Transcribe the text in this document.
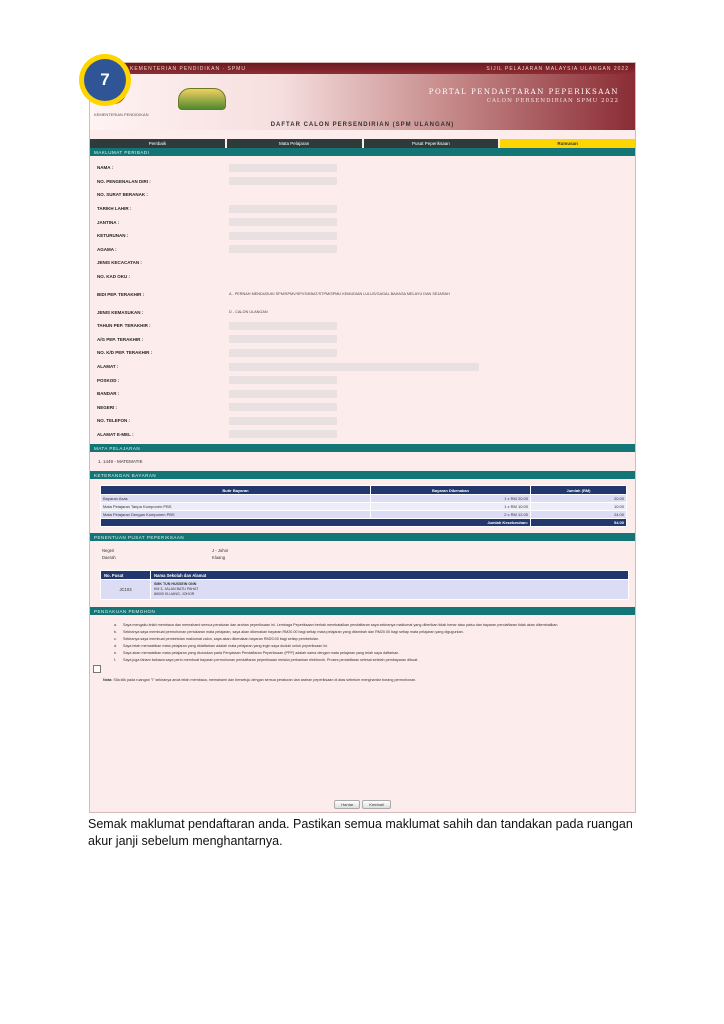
KEMENTERIAN PENDIDIKAN · SPMU	SIJIL PELAJARAN MALAYSIA ULANGAN 2022
KEMENTERIAN PENDIDIKAN
PORTAL PENDAFTARAN PEPERIKSAAN
CALON PERSENDIRIAN SPMU 2022
DAFTAR CALON PERSENDIRIAN (SPM ULANGAN)
Pembaik	Mata Pelajaran	Pusat Peperiksaan	Rumusan
MAKLUMAT PERIBADI
NAMA :
NO. PENGENALAN DIRI :
NO. SURAT BERANAK :
TARIKH LAHIR :
JANTINA :
KETURUNAN :
AGAMA :
JENIS KECACATAN :
NO. KAD OKU :
BIDI PEP. TERAKHIR :	A - PERNAH MENDUDUKI SPM/SPMV/SPVS/KBAT/STPM/SPMU KEMUDIAN LULUS/GAGAL BAHASA MELAYU DAN SEJARAH
JENIS KEMASUKAN :	D - CALON ULANGAN
TAHUN PEP. TERAKHIR :
A/G PEP. TERAKHIR :
NO. K/D PEP. TERAKHIR :
ALAMAT :
POSKOD :
BANDAR :
NEGERI :
NO. TELEFON :
ALAMAT E-MEL :
MATA PELAJARAN
1. 1449 - MATEMATIK
KETERANGAN BAYARAN
Butir Bayaran	Bayaran Dikenakan	Jumlah (RM)
Bayaran Asas	1 x RM 20.00	20.00
Mata Pelajaran Tanpa Komponen PBS	1 x RM 10.00	10.00
Mata Pelajaran Dengan Komponen PBS	2 x RM 12.00	24.00
Jumlah Keseluruhan:		54.00
PENENTUAN PUSAT PEPERIKSAAN
Negeri	J - Johor
Daerah	Kluang
No. Pusat	Nama Sekolah dan Alamat
JC103	SMK TUN HUSSEIN ONN
KM 3, JALAN BATU PAHAT
86000 KLUANG, JOHOR
PENGAKUAN PEMOHON
a.	Saya mengaku telah membaca dan memahami semua peraturan dan arahan peperiksaan ini. Lembaga Peperiksaan berhak membatalkan pendaftaran saya sekiranya maklumat yang diberikan tidak benar atau palsu dan bayaran pendaftaran tidak akan dikembalikan.
b.	Sekiranya saya membuat permohonan pertukaran mata pelajaran, saya akan dikenakan bayaran RM20.00 bagi setiap mata pelajaran yang ditambah dan RM20.00 bagi setiap mata pelajaran yang digugurkan.
c.	Sekiranya saya membuat pembetulan maklumat calon, saya akan dikenakan bayaran RM20.00 bagi setiap pembetulan.
d.	Saya telah memastikan mata pelajaran yang didaftarkan adalah mata pelajaran yang ingin saya duduki untuk peperiksaan ini.
e.	Saya akan memastikan mata pelajaran yang diuruskan pada Penyataan Pendaftaran Peperiksaan (PPP) adalah sama dengan mata pelajaran yang telah saya daftarkan.
f.	Saya juga faham bahawa saya perlu membuat bayaran permohonan pendaftaran peperiksaan melalui perbankan elektronik. Proses pendaftaran selesai setelah pembayaran dibuat.
Nota: Sila klik pada ruangan "I" sekiranya anda telah membaca, memahami dan bersetuju dengan semua peraturan dan arahan peperiksaan di atas sebelum menghantar borang permohonan.
Hantar	Kembali
7
Semak maklumat pendaftaran anda. Pastikan semua maklumat sahih dan tandakan pada ruangan akur janji sebelum menghantarnya.
